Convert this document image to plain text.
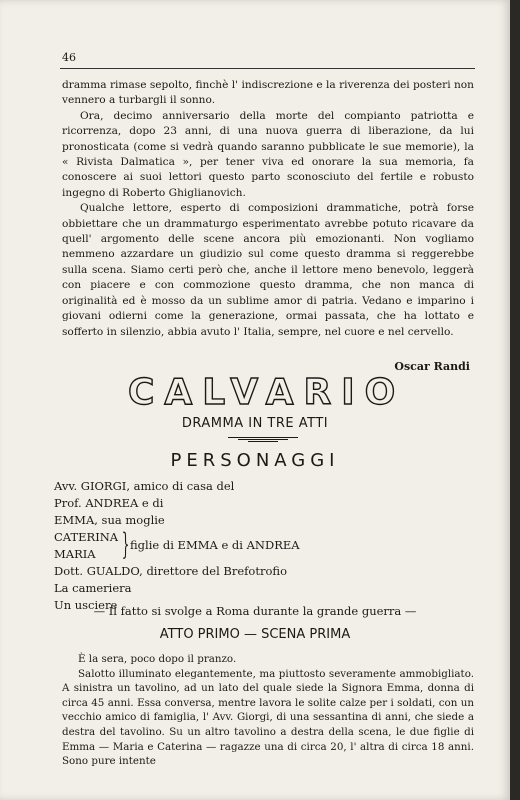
46

dramma rimase sepolto, finchè l' indiscrezione e la riverenza dei posteri non vennero a turbargli il sonno.

Ora, decimo anniversario della morte del compianto patriotta e ricorrenza, dopo 23 anni, di una nuova guerra di liberazione, da lui pronosticata (come si vedrà quando saranno pubblicate le sue memorie), la « Rivista Dalmatica », per tener viva ed onorare la sua memoria, fa conoscere ai suoi lettori questo parto sconosciuto del fertile e robusto ingegno di Roberto Ghiglianovich.

Qualche lettore, esperto di composizioni drammatiche, potrà forse obbiettare che un drammaturgo esperimentato avrebbe potuto ricavare da quell' argomento delle scene ancora più emozionanti. Non vogliamo nemmeno azzardare un giudizio sul come questo dramma si reggerebbe sulla scena. Siamo certi però che, anche il lettore meno benevolo, leggerà con piacere e con commozione questo dramma, che non manca di originalità ed è mosso da un sublime amor di patria. Vedano e imparino i giovani odierni come la generazione, ormai passata, che ha lottato e sofferto in silenzio, abbia avuto l' Italia, sempre, nel cuore e nel cervello.

Oscar Randi
CALVARIO
DRAMMA IN TRE ATTI
PERSONAGGI
Avv. GIORGI, amico di casa del
Prof. ANDREA e di
EMMA, sua moglie
CATERINA
MARIA } figlie di EMMA e di ANDREA
Dott. GUALDO, direttore del Brefotrofio
La cameriera
Un usciere
— Il fatto si svolge a Roma durante la grande guerra —
ATTO PRIMO — SCENA PRIMA

È la sera, poco dopo il pranzo.

Salotto illuminato elegantemente, ma piuttosto severamente ammobigliato. A sinistra un tavolino, ad un lato del quale siede la Signora Emma, donna di circa 45 anni. Essa conversa, mentre lavora le solite calze per i soldati, con un vecchio amico di famiglia, l' Avv. Giorgi, di una sessantina di anni, che siede a destra del tavolino. Su un altro tavolino a destra della scena, le due figlie di Emma — Maria e Caterina — ragazze una di circa 20, l' altra di circa 18 anni. Sono pure intente
